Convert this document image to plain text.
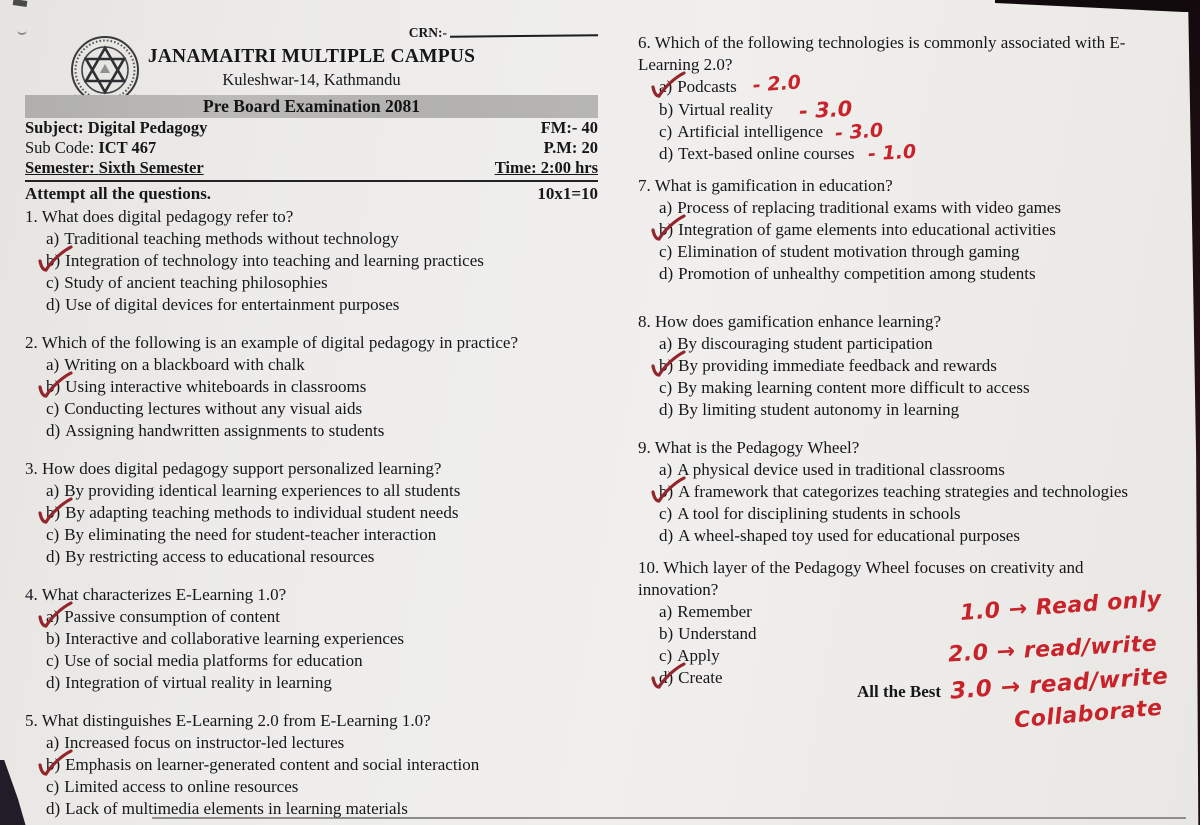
CRN:-
JANAMAITRI MULTIPLE CAMPUS
Kuleshwar-14, Kathmandu
Pre Board Examination 2081
Subject: Digital Pedagogy	FM:- 40
Sub Code: ICT 467	P.M: 20
Semester: Sixth Semester	Time: 2:00 hrs
Attempt all the questions.	10x1=10
1. What does digital pedagogy refer to?
a) Traditional teaching methods without technology
b) Integration of technology into teaching and learning practices
c) Study of ancient teaching philosophies
d) Use of digital devices for entertainment purposes
2. Which of the following is an example of digital pedagogy in practice?
a) Writing on a blackboard with chalk
b) Using interactive whiteboards in classrooms
c) Conducting lectures without any visual aids
d) Assigning handwritten assignments to students
3. How does digital pedagogy support personalized learning?
a) By providing identical learning experiences to all students
b) By adapting teaching methods to individual student needs
c) By eliminating the need for student-teacher interaction
d) By restricting access to educational resources
4. What characterizes E-Learning 1.0?
a) Passive consumption of content
b) Interactive and collaborative learning experiences
c) Use of social media platforms for education
d) Integration of virtual reality in learning
5. What distinguishes E-Learning 2.0 from E-Learning 1.0?
a) Increased focus on instructor-led lectures
b) Emphasis on learner-generated content and social interaction
c) Limited access to online resources
d) Lack of multimedia elements in learning materials
6. Which of the following technologies is commonly associated with E-Learning 2.0?
a) Podcasts - 2.0
b) Virtual reality - 3.0
c) Artificial intelligence - 3.0
d) Text-based online courses - 1.0
7. What is gamification in education?
a) Process of replacing traditional exams with video games
b) Integration of game elements into educational activities
c) Elimination of student motivation through gaming
d) Promotion of unhealthy competition among students
8. How does gamification enhance learning?
a) By discouraging student participation
b) By providing immediate feedback and rewards
c) By making learning content more difficult to access
d) By limiting student autonomy in learning
9. What is the Pedagogy Wheel?
a) A physical device used in traditional classrooms
b) A framework that categorizes teaching strategies and technologies
c) A tool for disciplining students in schools
d) A wheel-shaped toy used for educational purposes
10. Which layer of the Pedagogy Wheel focuses on creativity and innovation?
a) Remember
b) Understand
c) Apply
d) Create
All the Best
1.0 → Read only
2.0 → read/write
3.0 → read/write
Collaborate
